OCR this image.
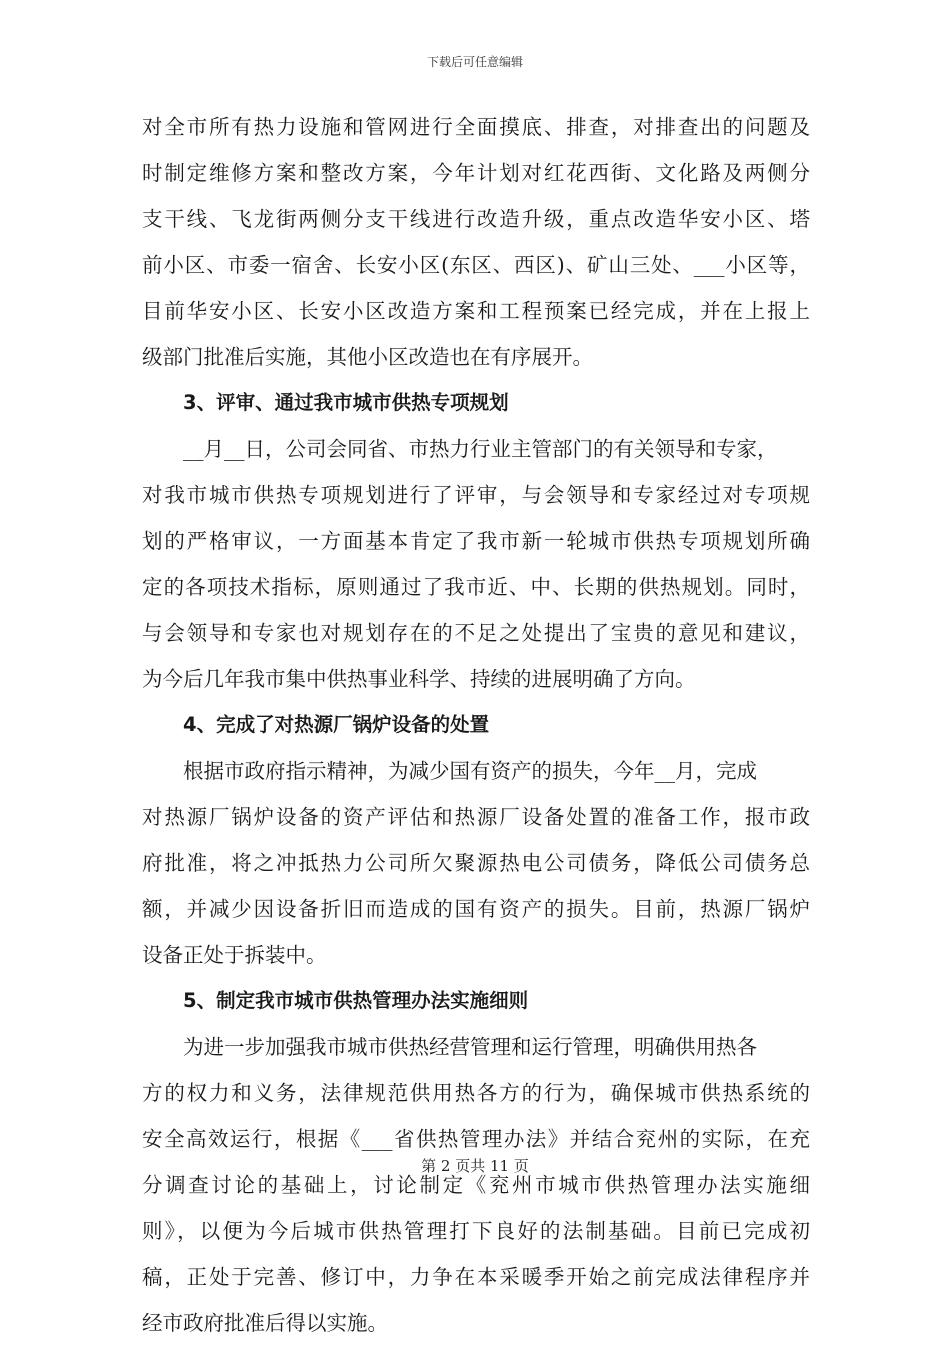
下载后可任意编辑
对全市所有热力设施和管网进行全面摸底、排查，对排查出的问题及
时制定维修方案和整改方案，今年计划对红花西街、文化路及两侧分
支干线、飞龙街两侧分支干线进行改造升级，重点改造华安小区、塔
前小区、市委一宿舍、长安小区(东区、西区)、矿山三处、___小区等，
目前华安小区、长安小区改造方案和工程预案已经完成，并在上报上
级部门批准后实施，其他小区改造也在有序展开。
3、评审、通过我市城市供热专项规划
__月__日，公司会同省、市热力行业主管部门的有关领导和专家，
对我市城市供热专项规划进行了评审，与会领导和专家经过对专项规
划的严格审议，一方面基本肯定了我市新一轮城市供热专项规划所确
定的各项技术指标，原则通过了我市近、中、长期的供热规划。同时，
与会领导和专家也对规划存在的不足之处提出了宝贵的意见和建议，
为今后几年我市集中供热事业科学、持续的进展明确了方向。
4、完成了对热源厂锅炉设备的处置
根据市政府指示精神，为减少国有资产的损失，今年__月，完成
对热源厂锅炉设备的资产评估和热源厂设备处置的准备工作，报市政
府批准，将之冲抵热力公司所欠聚源热电公司债务，降低公司债务总
额，并减少因设备折旧而造成的国有资产的损失。目前，热源厂锅炉
设备正处于拆装中。
5、制定我市城市供热管理办法实施细则
为进一步加强我市城市供热经营管理和运行管理，明确供用热各
方的权力和义务，法律规范供用热各方的行为，确保城市供热系统的
安全高效运行，根据《___省供热管理办法》并结合兖州的实际，在充
分调查讨论的基础上，讨论制定《兖州市城市供热管理办法实施细
则》，以便为今后城市供热管理打下良好的法制基础。目前已完成初
稿，正处于完善、修订中，力争在本采暖季开始之前完成法律程序并
经市政府批准后得以实施。
第 2 页共 11 页
